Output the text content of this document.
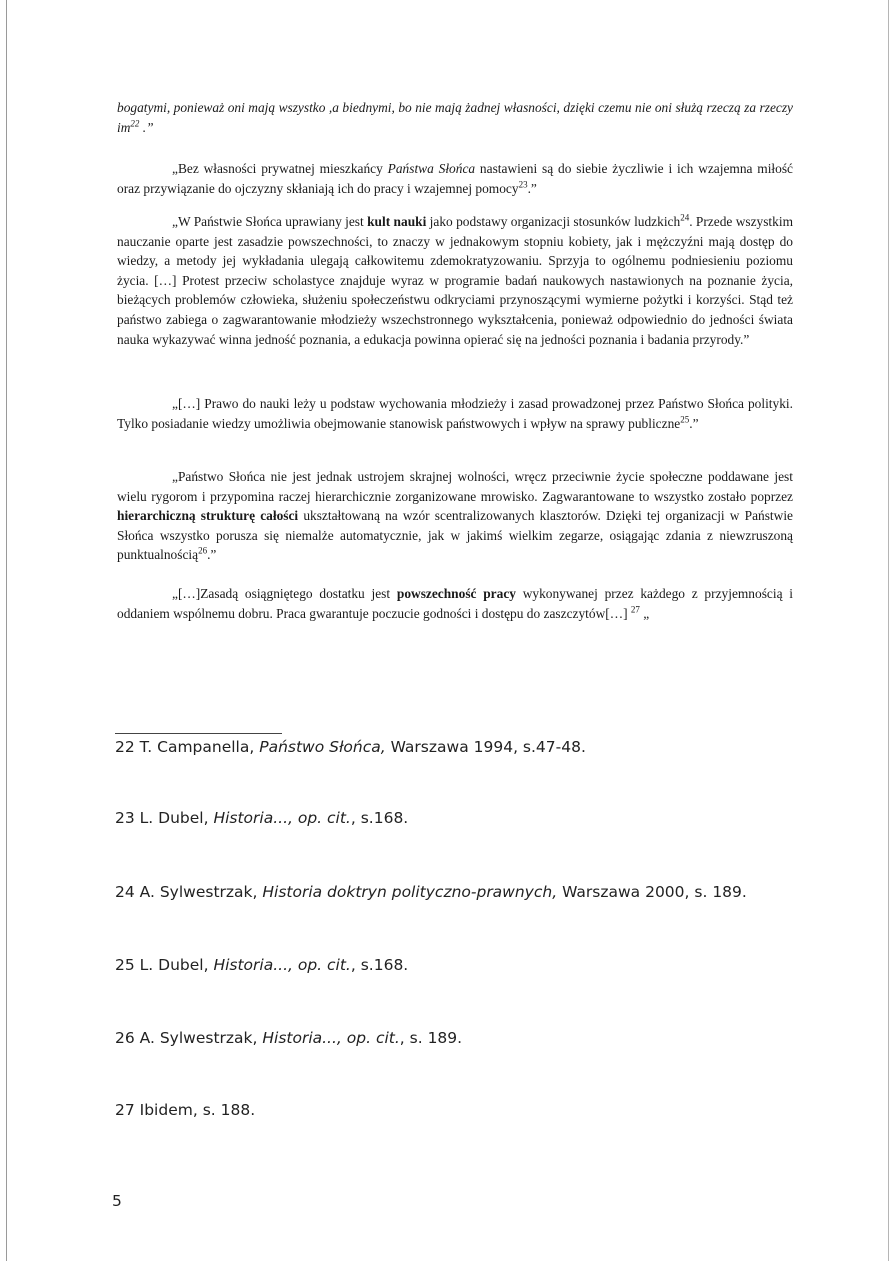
bogatymi, ponieważ oni mają wszystko ,a biednymi, bo nie mają żadnej własności, dzięki czemu nie oni służą rzeczą za rzeczy $im^{22}$ .”

„Bez własności prywatnej mieszkańcy Państwa Słońca nastawieni są do siebie życzliwie i ich wzajemna miłość oraz przywiązanie do ojczyzny skłaniają ich do pracy i wzajemnej pomocy$^{23}$.”

„W Państwie Słońca uprawiany jest kult nauki jako podstawy organizacji stosunków ludzkich$^{24}$. Przede wszystkim nauczanie oparte jest zasadzie powszechności, to znaczy w jednakowym stopniu kobiety, jak i mężczyźni mają dostęp do wiedzy, a metody jej wykładania ulegają całkowitemu zdemokratyzowaniu. Sprzyja to ogólnemu podniesieniu poziomu życia. […] Protest przeciw scholastyce znajduje wyraz w programie badań naukowych nastawionych na poznanie życia, bieżących problemów człowieka, służeniu społeczeństwu odkryciami przynoszącymi wymierne pożytki i korzyści. Stąd też państwo zabiega o zagwarantowanie młodzieży wszechstronnego wykształcenia, ponieważ odpowiednio do jedności świata nauka wykazywać winna jedność poznania, a edukacja powinna opierać się na jedności poznania i badania przyrody.”

„[…] Prawo do nauki leży u podstaw wychowania młodzieży i zasad prowadzonej przez Państwo Słońca polityki. Tylko posiadanie wiedzy umożliwia obejmowanie stanowisk państwowych i wpływ na sprawy publiczne$^{25}$.”

„Państwo Słońca nie jest jednak ustrojem skrajnej wolności, wręcz przeciwnie życie społeczne poddawane jest wielu rygorom i przypomina raczej hierarchicznie zorganizowane mrowisko. Zagwarantowane to wszystko zostało poprzez hierarchiczną strukturę całości ukształtowaną na wzór scentralizowanych klasztorów. Dzięki tej organizacji w Państwie Słońca wszystko porusza się niemalże automatycznie, jak w jakimś wielkim zegarze, osiągając zdania z niewzruszoną punktualnością$^{26}$.”

„[…]Zasadą osiągniętego dostatku jest powszechność pracy wykonywanej przez każdego z przyjemnością i oddaniem wspólnemu dobru. Praca gwarantuje poczucie godności i dostępu do zaszczytów[…] $^{27}$ „

22 T. Campanella, Państwo Słońca, Warszawa 1994, s.47-48.
23 L. Dubel, Historia..., op. cit., s.168.
24 A. Sylwestrzak, Historia doktryn polityczno-prawnych, Warszawa 2000, s. 189.
25 L. Dubel, Historia..., op. cit., s.168.
26 A. Sylwestrzak, Historia..., op. cit., s. 189.
27 Ibidem, s. 188.
5
